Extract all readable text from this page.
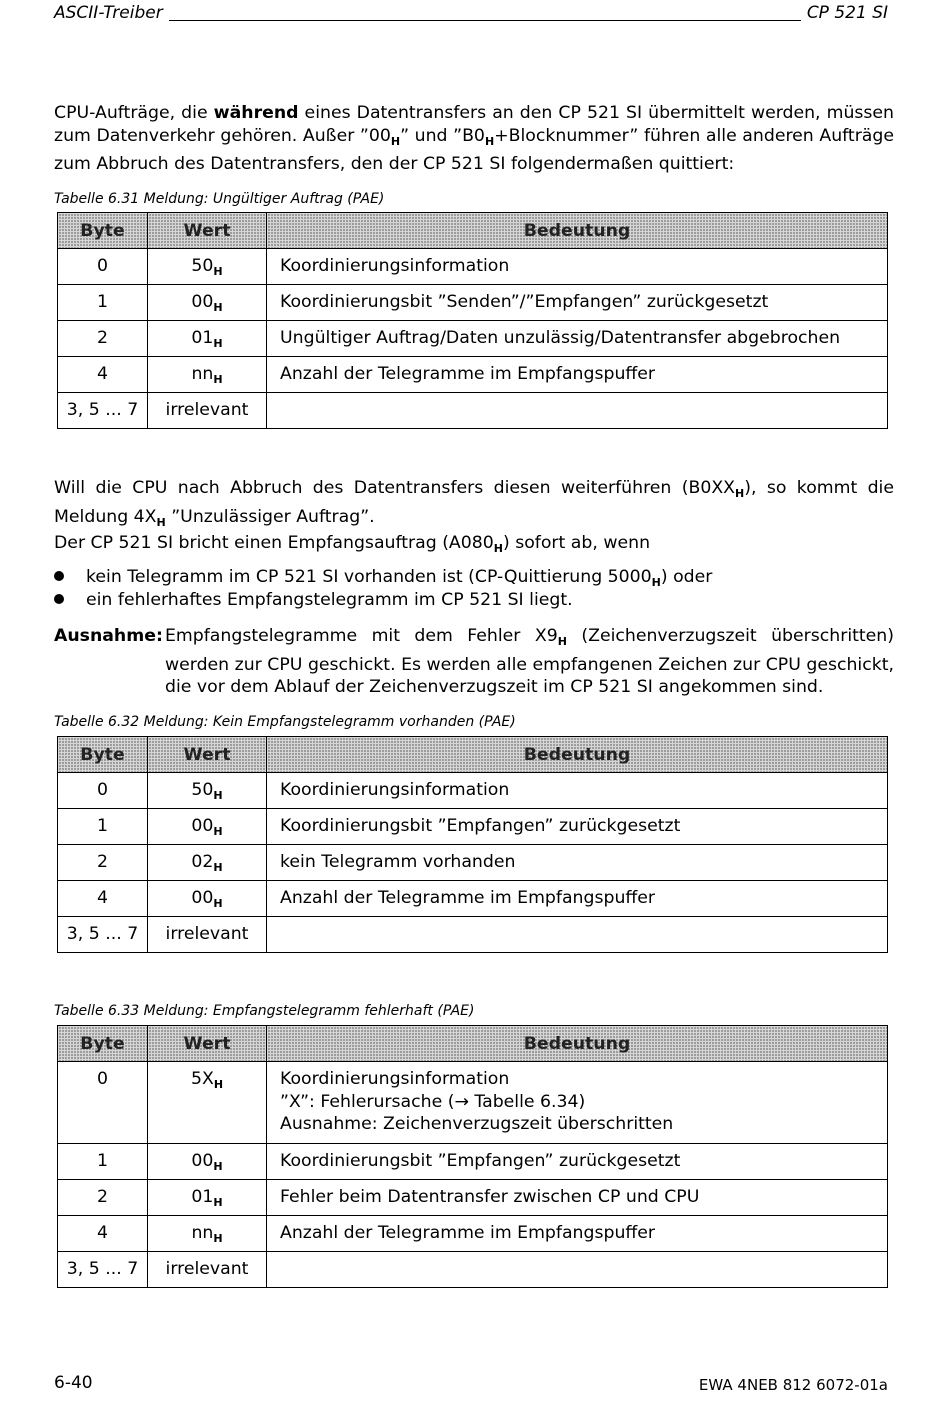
ASCII-Treiber	CP 521 SI
CPU-Aufträge, die während eines Datentransfers an den CP 521 SI übermittelt werden, müssen zum Datenverkehr gehören. Außer $”00_H$” und $”B0_H+Blocknummer$” führen alle anderen Aufträge zum Abbruch des Datentransfers, den der CP 521 SI folgendermaßen quittiert:
Tabelle 6.31 Meldung: Ungültiger Auftrag (PAE)
Byte	Wert	Bedeutung
0	$50_H$	Koordinierungsinformation
1	$00_H$	Koordinierungsbit ”Senden”/”Empfangen” zurückgesetzt
2	$01_H$	Ungültiger Auftrag/Daten unzulässig/Datentransfer abgebrochen
4	$nn_H$	Anzahl der Telegramme im Empfangspuffer
3, 5 ... 7	irrelevant	
Will die CPU nach Abbruch des Datentransfers diesen weiterführen $(B0XX_H)$, so kommt die Meldung $4X_H$ ”Unzulässiger Auftrag”.
Der CP 521 SI bricht einen Empfangsauftrag $(A080_H)$ sofort ab, wenn
kein Telegramm im CP 521 SI vorhanden ist (CP-Quittierung $5000_H$) oder
ein fehlerhaftes Empfangstelegramm im CP 521 SI liegt.
Ausnahme: Empfangstelegramme mit dem Fehler $X9_H$ (Zeichenverzugszeit überschritten) werden zur CPU geschickt. Es werden alle empfangenen Zeichen zur CPU geschickt, die vor dem Ablauf der Zeichenverzugszeit im CP 521 SI angekommen sind.
Tabelle 6.32 Meldung: Kein Empfangstelegramm vorhanden (PAE)
Byte	Wert	Bedeutung
0	$50_H$	Koordinierungsinformation
1	$00_H$	Koordinierungsbit ”Empfangen” zurückgesetzt
2	$02_H$	kein Telegramm vorhanden
4	$00_H$	Anzahl der Telegramme im Empfangspuffer
3, 5 ... 7	irrelevant	
Tabelle 6.33 Meldung: Empfangstelegramm fehlerhaft (PAE)
Byte	Wert	Bedeutung
0	$5X_H$	Koordinierungsinformation
”X”: Fehlerursache (→ Tabelle 6.34)
Ausnahme: Zeichenverzugszeit überschritten

1	$00_H$	Koordinierungsbit ”Empfangen” zurückgesetzt
2	$01_H$	Fehler beim Datentransfer zwischen CP und CPU
4	$nn_H$	Anzahl der Telegramme im Empfangspuffer
3, 5 ... 7	irrelevant	
6-40	EWA 4NEB 812 6072-01a
